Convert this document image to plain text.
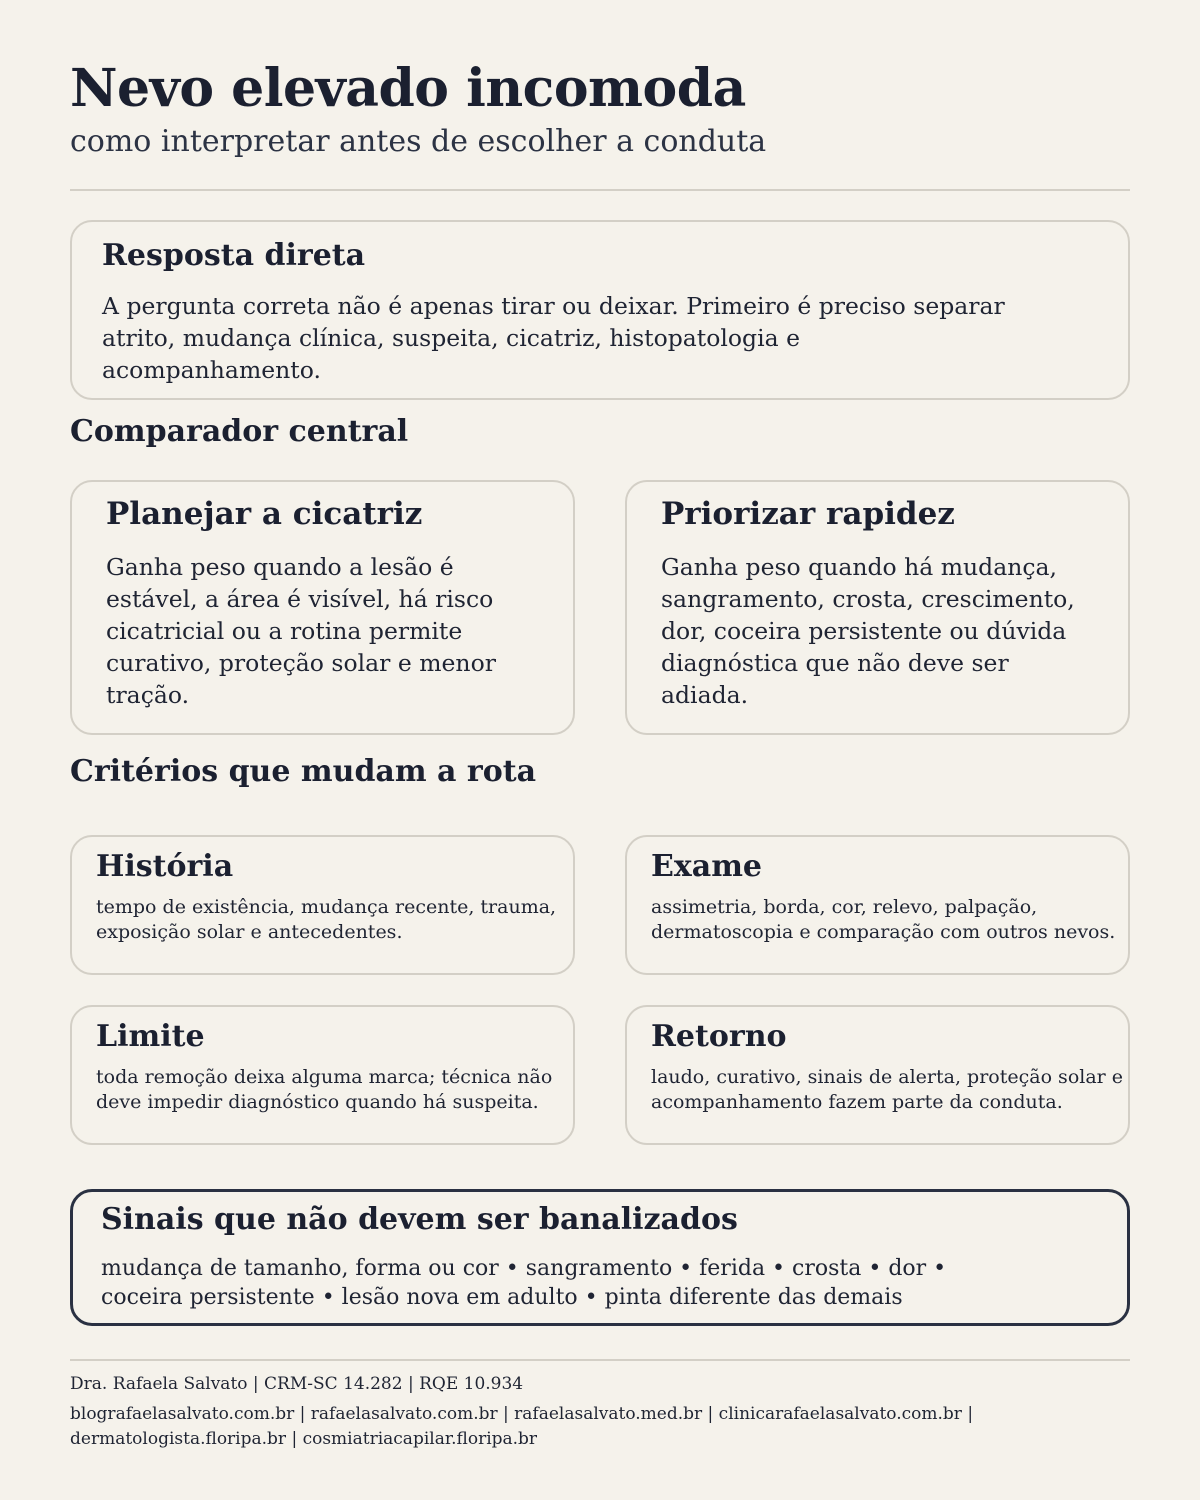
Nevo elevado incomoda
como interpretar antes de escolher a conduta
Resposta direta

A pergunta correta não é apenas tirar ou deixar. Primeiro é preciso separar atrito, mudança clínica, suspeita, cicatriz, histopatologia e acompanhamento.

Comparador central
Planejar a cicatriz

Ganha peso quando a lesão é estável, a área é visível, há risco cicatricial ou a rotina permite curativo, proteção solar e menor tração.

Priorizar rapidez

Ganha peso quando há mudança, sangramento, crosta, crescimento, dor, coceira persistente ou dúvida diagnóstica que não deve ser adiada.

Critérios que mudam a rota
História

tempo de existência, mudança recente, trauma, exposição solar e antecedentes.

Exame

assimetria, borda, cor, relevo, palpação, dermatoscopia e comparação com outros nevos.

Limite

toda remoção deixa alguma marca; técnica não deve impedir diagnóstico quando há suspeita.

Retorno

laudo, curativo, sinais de alerta, proteção solar e acompanhamento fazem parte da conduta.

Sinais que não devem ser banalizados

mudança de tamanho, forma ou cor • sangramento • ferida • crosta • dor • coceira persistente • lesão nova em adulto • pinta diferente das demais

Dra. Rafaela Salvato | CRM-SC 14.282 | RQE 10.934
blografaelasalvato.com.br | rafaelasalvato.com.br | rafaelasalvato.med.br | clinicarafaelasalvato.com.br | dermatologista.floripa.br | cosmiatriacapilar.floripa.br
